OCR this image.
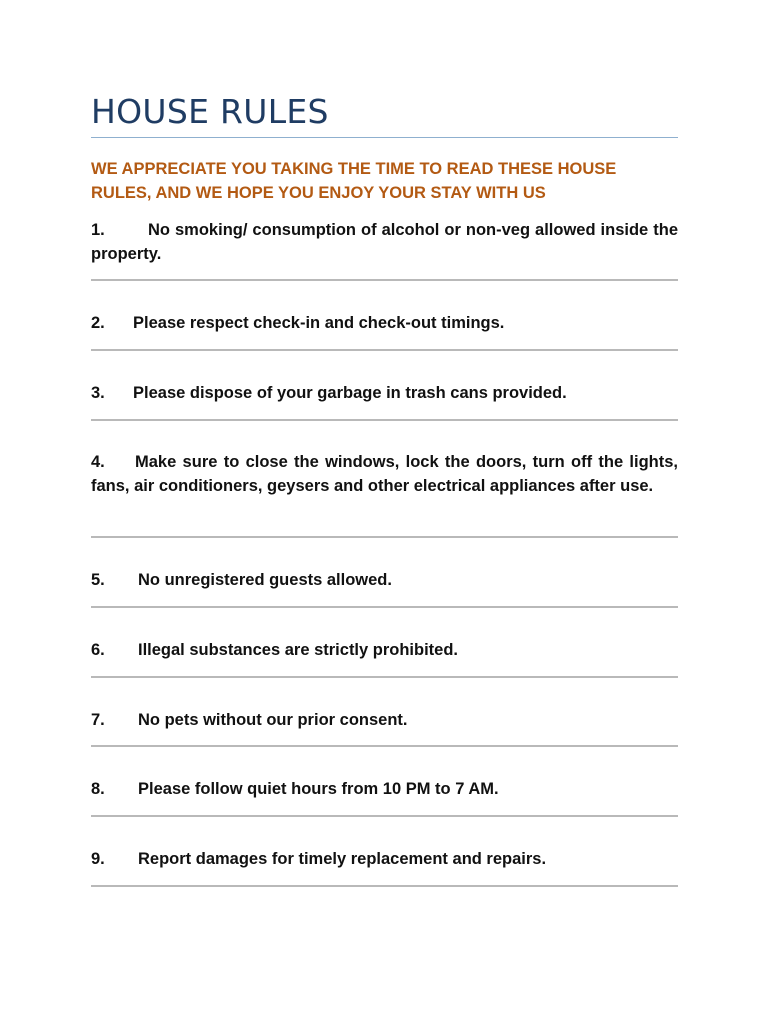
HOUSE RULES

WE APPRECIATE YOU TAKING THE TIME TO READ THESE HOUSE RULES, AND WE HOPE YOU ENJOY YOUR STAY WITH US

1.	No smoking/ consumption of alcohol or non-veg allowed inside the property.

2. Please respect check-in and check-out timings.

3. Please dispose of your garbage in trash cans provided.

4. Make sure to close the windows, lock the doors, turn off the lights, fans, air conditioners, geysers and other electrical appliances after use.

5. No unregistered guests allowed.

6. Illegal substances are strictly prohibited.

7. No pets without our prior consent.

8. Please follow quiet hours from 10 PM to 7 AM.

9. Report damages for timely replacement and repairs.
